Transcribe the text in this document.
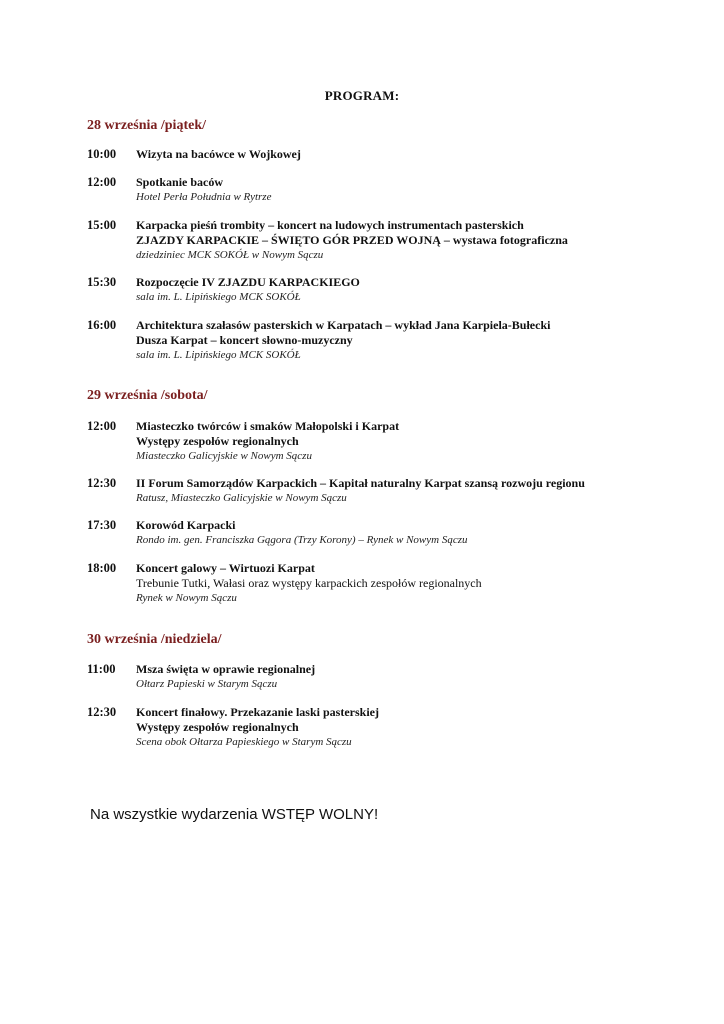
PROGRAM:
28 września /piątek/
10:00	Wizyta na bacówce w Wojkowej
12:00	Spotkanie baców
Hotel Perła Południa w Rytrze
15:00	Karpacka pieśń trombity – koncert na ludowych instrumentach pasterskich
ZJAZDY KARPACKIE – ŚWIĘTO GÓR PRZED WOJNĄ – wystawa fotograficzna
dziedziniec MCK SOKÓŁ w Nowym Sączu
15:30	Rozpoczęcie IV ZJAZDU KARPACKIEGO
sala im. L. Lipińskiego MCK SOKÓŁ
16:00	Architektura szałasów pasterskich w Karpatach – wykład Jana Karpiela-Bułecki
Dusza Karpat – koncert słowno-muzyczny
sala im. L. Lipińskiego MCK SOKÓŁ
29 września /sobota/
12:00	Miasteczko twórców i smaków Małopolski i Karpat
Występy zespołów regionalnych
Miasteczko Galicyjskie w Nowym Sączu
12:30	II Forum Samorządów Karpackich – Kapitał naturalny Karpat szansą rozwoju regionu
Ratusz, Miasteczko Galicyjskie w Nowym Sączu
17:30	Korowód Karpacki
Rondo im. gen. Franciszka Gągora (Trzy Korony) – Rynek w Nowym Sączu
18:00	Koncert galowy – Wirtuozi Karpat
Trebunie Tutki, Wałasi oraz występy karpackich zespołów regionalnych
Rynek w Nowym Sączu
30 września /niedziela/
11:00	Msza święta w oprawie regionalnej
Ołtarz Papieski w Starym Sączu
12:30	Koncert finałowy. Przekazanie laski pasterskiej
Występy zespołów regionalnych
Scena obok Ołtarza Papieskiego w Starym Sączu
Na wszystkie wydarzenia WSTĘP WOLNY!
